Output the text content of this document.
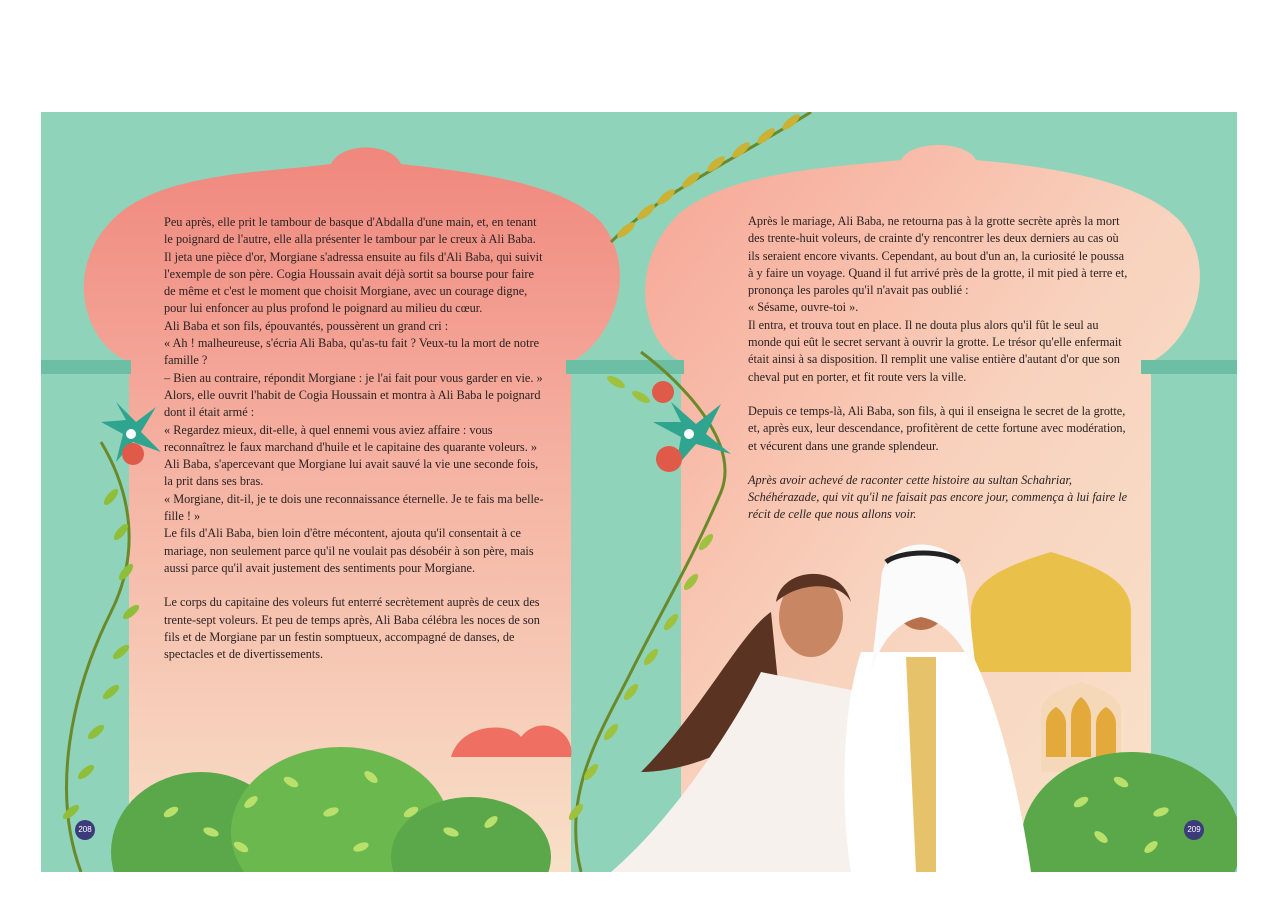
Peu après, elle prit le tambour de basque d'Abdalla d'une main, et, en tenant le poignard de l'autre, elle alla présenter le tambour par le creux à Ali Baba. Il jeta une pièce d'or, Morgiane s'adressa ensuite au fils d'Ali Baba, qui suivit l'exemple de son père. Cogia Houssain avait déjà sortit sa bourse pour faire de même et c'est le moment que choisit Morgiane, avec un courage digne, pour lui enfoncer au plus profond le poignard au milieu du cœur.

Ali Baba et son fils, épouvantés, poussèrent un grand cri :

« Ah ! malheureuse, s'écria Ali Baba, qu'as-tu fait ? Veux-tu la mort de notre famille ?

– Bien au contraire, répondit Morgiane : je l'ai fait pour vous garder en vie. »

Alors, elle ouvrit l'habit de Cogia Houssain et montra à Ali Baba le poignard dont il était armé :

« Regardez mieux, dit-elle, à quel ennemi vous aviez affaire : vous reconnaîtrez le faux marchand d'huile et le capitaine des quarante voleurs. »

Ali Baba, s'apercevant que Morgiane lui avait sauvé la vie une seconde fois, la prit dans ses bras.

« Morgiane, dit-il, je te dois une reconnaissance éternelle. Je te fais ma belle-fille ! »

Le fils d'Ali Baba, bien loin d'être mécontent, ajouta qu'il consentait à ce mariage, non seulement parce qu'il ne voulait pas désobéir à son père, mais aussi parce qu'il avait justement des sentiments pour Morgiane.

Le corps du capitaine des voleurs fut enterré secrètement auprès de ceux des trente-sept voleurs. Et peu de temps après, Ali Baba célébra les noces de son fils et de Morgiane par un festin somptueux, accompagné de danses, de spectacles et de divertissements.

Après le mariage, Ali Baba, ne retourna pas à la grotte secrète après la mort des trente-huit voleurs, de crainte d'y rencontrer les deux derniers au cas où ils seraient encore vivants. Cependant, au bout d'un an, la curiosité le poussa à y faire un voyage. Quand il fut arrivé près de la grotte, il mit pied à terre et, prononça les paroles qu'il n'avait pas oublié :

« Sésame, ouvre-toi ».

Il entra, et trouva tout en place. Il ne douta plus alors qu'il fût le seul au monde qui eût le secret servant à ouvrir la grotte. Le trésor qu'elle enfermait était ainsi à sa disposition. Il remplit une valise entière d'autant d'or que son cheval put en porter, et fit route vers la ville.

Depuis ce temps-là, Ali Baba, son fils, à qui il enseigna le secret de la grotte, et, après eux, leur descendance, profitèrent de cette fortune avec modération, et vécurent dans une grande splendeur.

Après avoir achevé de raconter cette histoire au sultan Schahriar, Schéhérazade, qui vit qu'il ne faisait pas encore jour, commença à lui faire le récit de celle que nous allons voir.

208	209
